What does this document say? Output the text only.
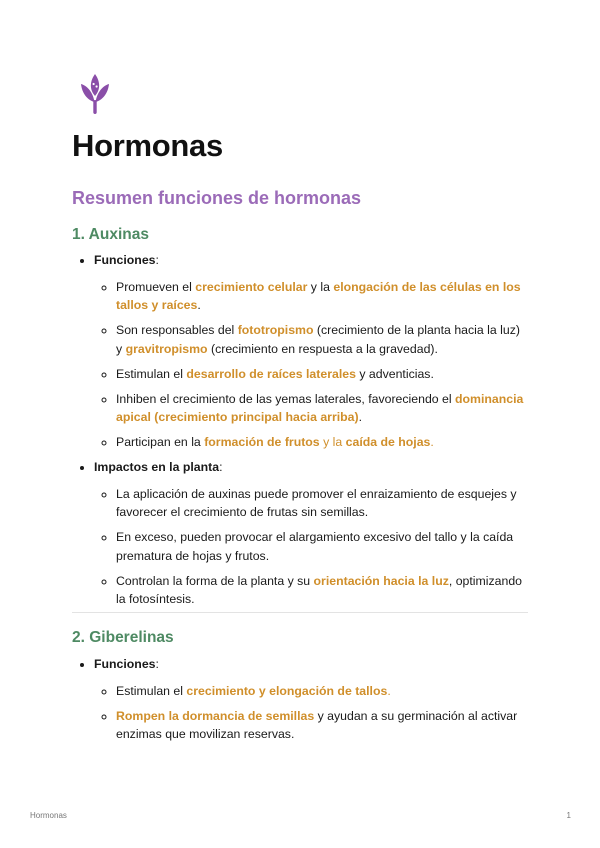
Hormonas
Resumen funciones de hormonas
1. Auxinas
• Funciones:
◦ Promueven el crecimiento celular y la elongación de las células en los tallos y raíces.
◦ Son responsables del fototropismo (crecimiento de la planta hacia la luz) y gravitropismo (crecimiento en respuesta a la gravedad).
◦ Estimulan el desarrollo de raíces laterales y adventicias.
◦ Inhiben el crecimiento de las yemas laterales, favoreciendo el dominancia apical (crecimiento principal hacia arriba).
◦ Participan en la formación de frutos y la caída de hojas.
• Impactos en la planta:
◦ La aplicación de auxinas puede promover el enraizamiento de esquejes y favorecer el crecimiento de frutas sin semillas.
◦ En exceso, pueden provocar el alargamiento excesivo del tallo y la caída prematura de hojas y frutos.
◦ Controlan la forma de la planta y su orientación hacia la luz, optimizando la fotosíntesis.
2. Giberelinas
• Funciones:
◦ Estimulan el crecimiento y elongación de tallos.
◦ Rompen la dormancia de semillas y ayudan a su germinación al activar enzimas que movilizan reservas.
Hormonas	1
